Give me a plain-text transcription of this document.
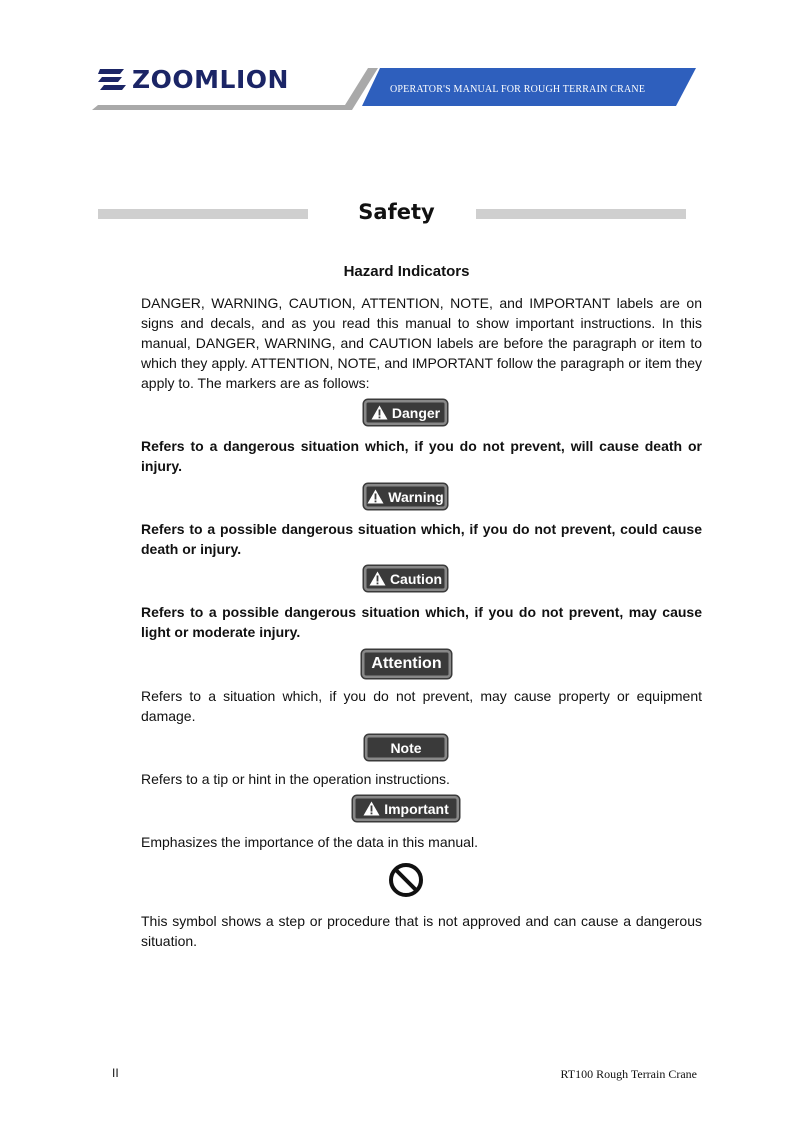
ZOOMLION	OPERATOR'S MANUAL FOR ROUGH TERRAIN CRANE
Safety
Hazard Indicators
DANGER, WARNING, CAUTION, ATTENTION, NOTE, and IMPORTANT labels are on signs and decals, and as you read this manual to show important instructions. In this manual, DANGER, WARNING, and CAUTION labels are before the paragraph or item to which they apply. ATTENTION, NOTE, and IMPORTANT follow the paragraph or item they apply to. The markers are as follows:
Danger
Refers to a dangerous situation which, if you do not prevent, will cause death or injury.
Warning
Refers to a possible dangerous situation which, if you do not prevent, could cause death or injury.
Caution
Refers to a possible dangerous situation which, if you do not prevent, may cause light or moderate injury.
Attention
Refers to a situation which, if you do not prevent, may cause property or equipment damage.
Note
Refers to a tip or hint in the operation instructions.
Important
Emphasizes the importance of the data in this manual.
This symbol shows a step or procedure that is not approved and can cause a dangerous situation.
II	RT100 Rough Terrain Crane
